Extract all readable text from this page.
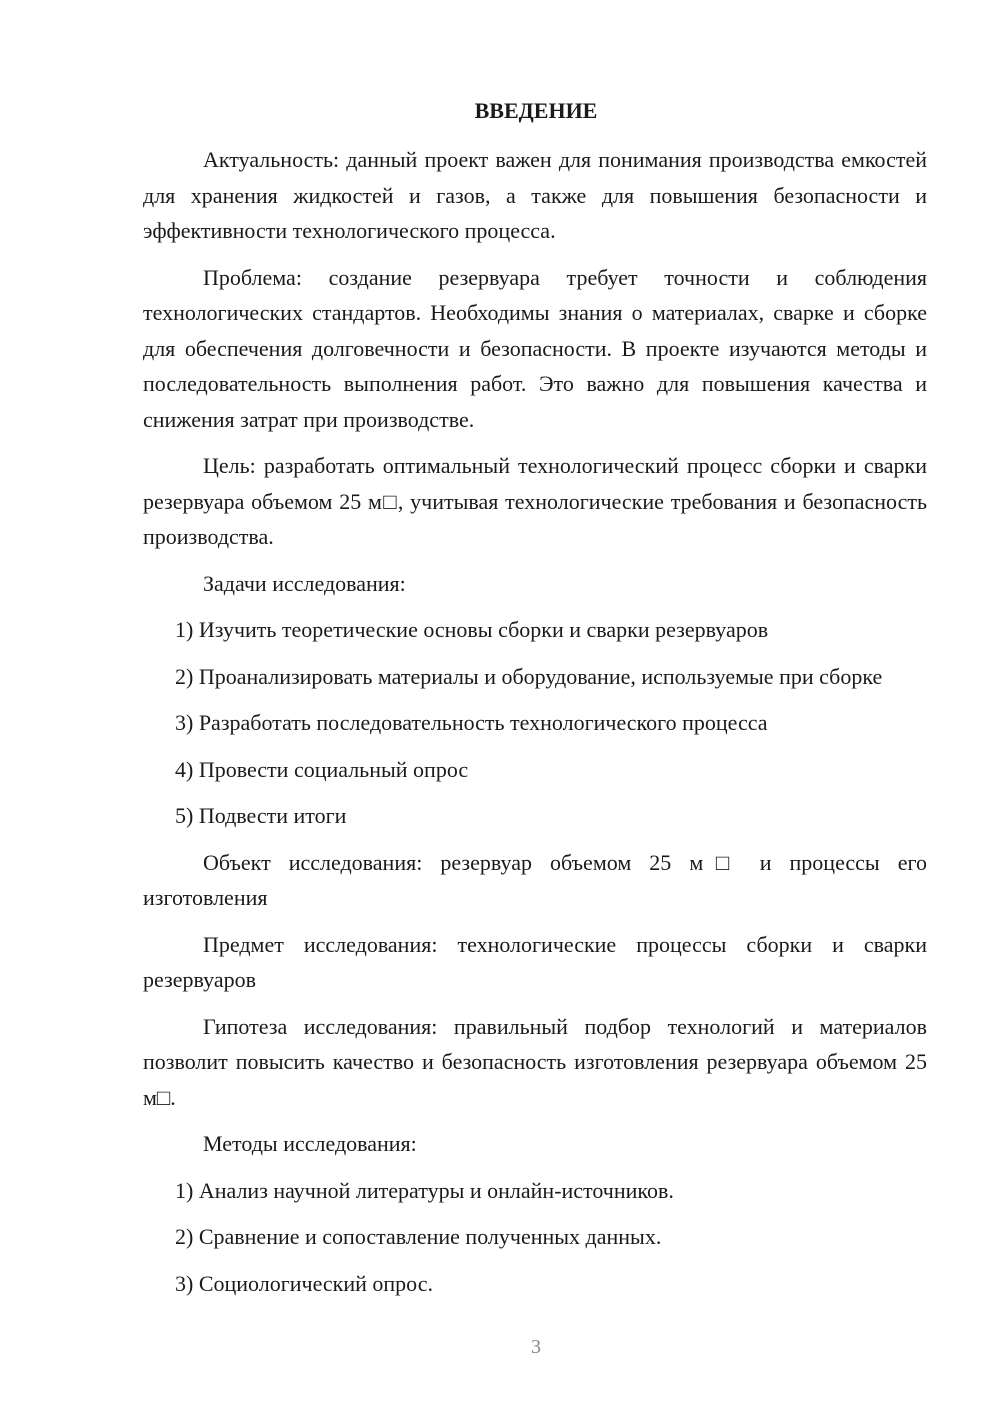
ВВЕДЕНИЕ

Актуальность: данный проект важен для понимания производства емкостей для хранения жидкостей и газов, а также для повышения безопасности и эффективности технологического процесса.

Проблема: создание резервуара требует точности и соблюдения технологических стандартов. Необходимы знания о материалах, сварке и сборке для обеспечения долговечности и безопасности. В проекте изучаются методы и последовательность выполнения работ. Это важно для повышения качества и снижения затрат при производстве.

Цель: разработать оптимальный технологический процесс сборки и сварки резервуара объемом 25 м□, учитывая технологические требования и безопасность производства.

Задачи исследования:

1) Изучить теоретические основы сборки и сварки резервуаров

2) Проанализировать материалы и оборудование, используемые при сборке

3) Разработать последовательность технологического процесса

4) Провести социальный опрос

5) Подвести итоги

Объект исследования: резервуар объемом 25 м□ и процессы его изготовления

Предмет исследования: технологические процессы сборки и сварки резервуаров

Гипотеза исследования: правильный подбор технологий и материалов позволит повысить качество и безопасность изготовления резервуара объемом 25 м□.

Методы исследования:

1) Анализ научной литературы и онлайн-источников.

2) Сравнение и сопоставление полученных данных.

3) Социологический опрос.

3
